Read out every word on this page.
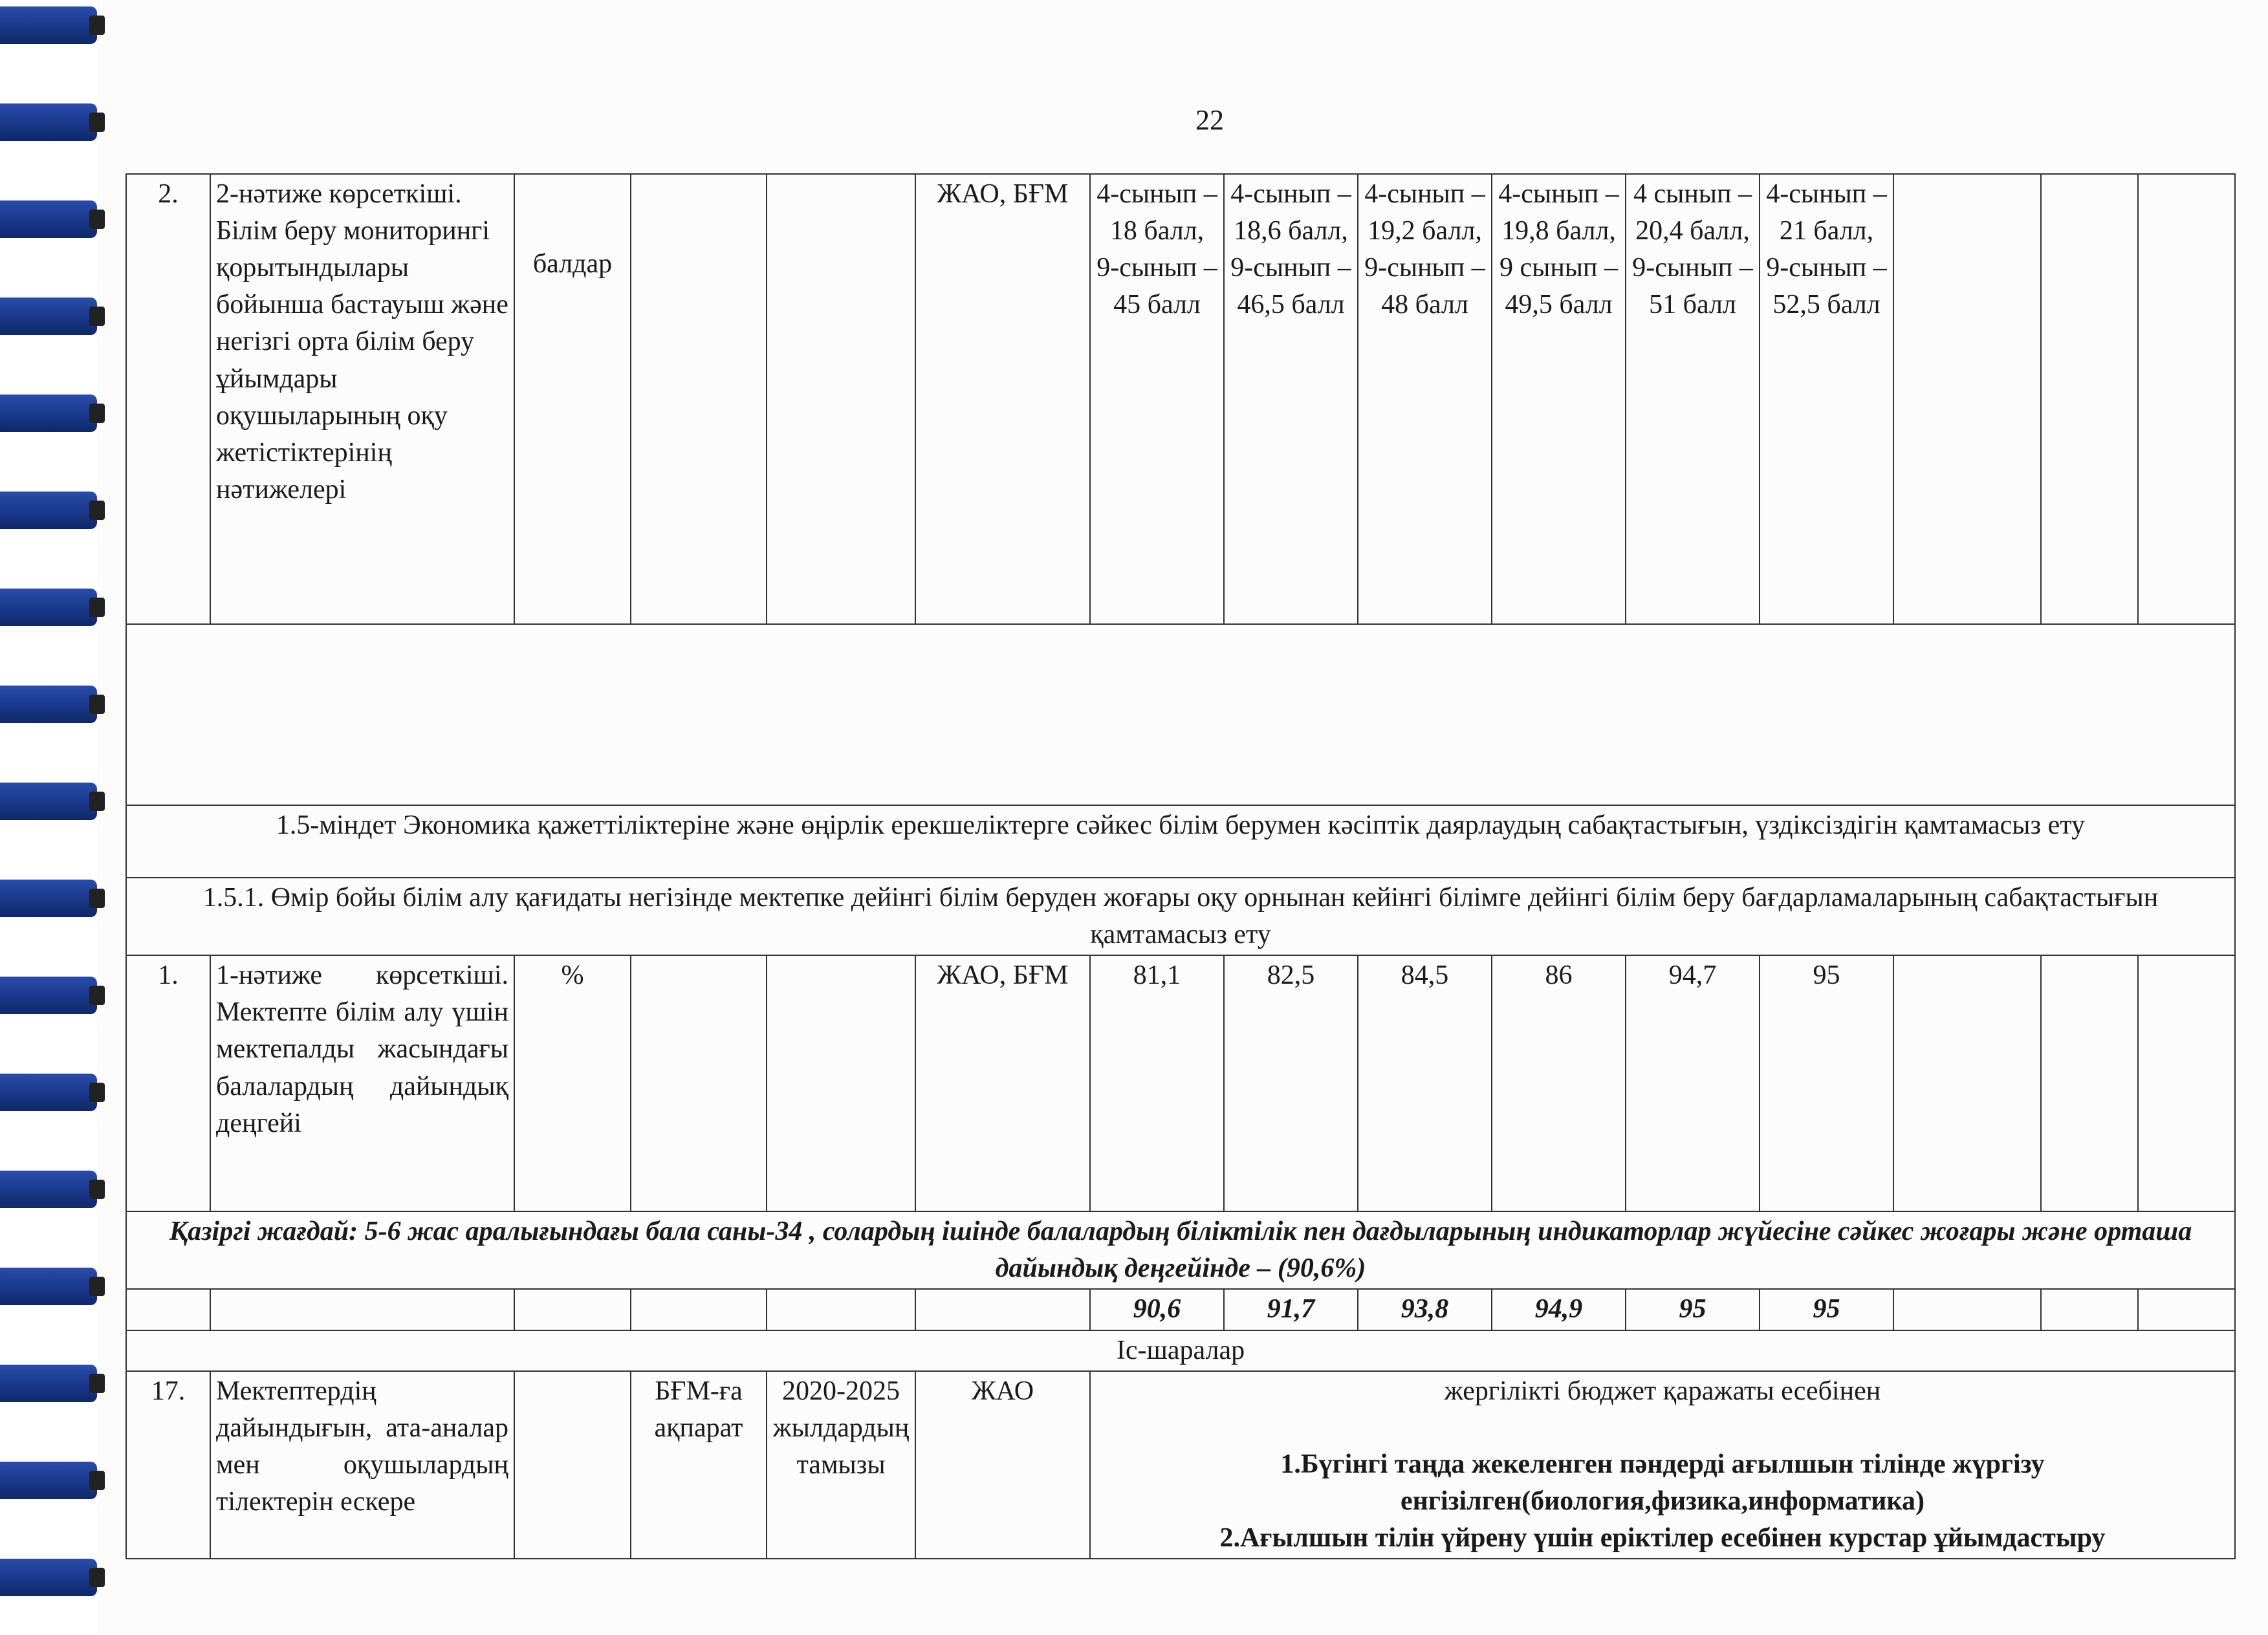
22
2.	2-нәтиже көрсеткіші. Білім беру мониторингі қорытындылары бойынша бастауыш және негізгі орта білім беру ұйымдары оқушыларының оқу жетістіктерінің нәтижелері	балдар			ЖАО, БҒМ	4-сынып – 18 балл, 9-сынып – 45 балл	4-сынып – 18,6 балл, 9-сынып – 46,5 балл	4-сынып –19,2 балл, 9-сынып – 48 балл	4-сынып – 19,8 балл, 9 сынып – 49,5 балл	4 сынып – 20,4 балл, 9-сынып – 51 балл	4-сынып – 21 балл, 9-сынып – 52,5 балл			

1.5-міндет Экономика қажеттіліктеріне және өңірлік ерекшеліктерге сәйкес білім берумен кәсіптік даярлаудың сабақтастығын, үздіксіздігін қамтамасыз ету														
1.5.1. Өмір бойы білім алу қағидаты негізінде мектепке дейінгі білім беруден жоғары оқу орнынан кейінгі білімге дейінгі білім беру бағдарламаларының сабақтастығын қамтамасыз ету														
1.	1-нәтиже көрсеткіші. Мектепте білім алу үшін мектепалды жасындағы балалардың дайындық деңгейі	%			ЖАО, БҒМ	81,1	82,5	84,5	86	94,7	95			
Қазіргі жағдай: 5-6 жас аралығындағы бала саны-34 , солардың ішінде балалардың біліктілік пен дағдыларының индикаторлар жүйесіне сәйкес жоғары және орташа дайындық деңгейінде – (90,6%)														
						90,6	91,7	93,8	94,9	95	95			
Іс-шаралар														
17.	Мектептердің дайындығын, ата-аналар мен оқушылардың тілектерін ескере		БҒМ-ға ақпарат	2020-2025 жылдардың тамызы	ЖАО	жергілікті бюджет қаражаты есебінен
1.Бүгінгі таңда жекеленген пәндерді ағылшын тілінде жүргізу енгізілген(биология,физика,информатика)
2.Ағылшын тілін үйрену үшін еріктілер есебінен курстар ұйымдастыру								
